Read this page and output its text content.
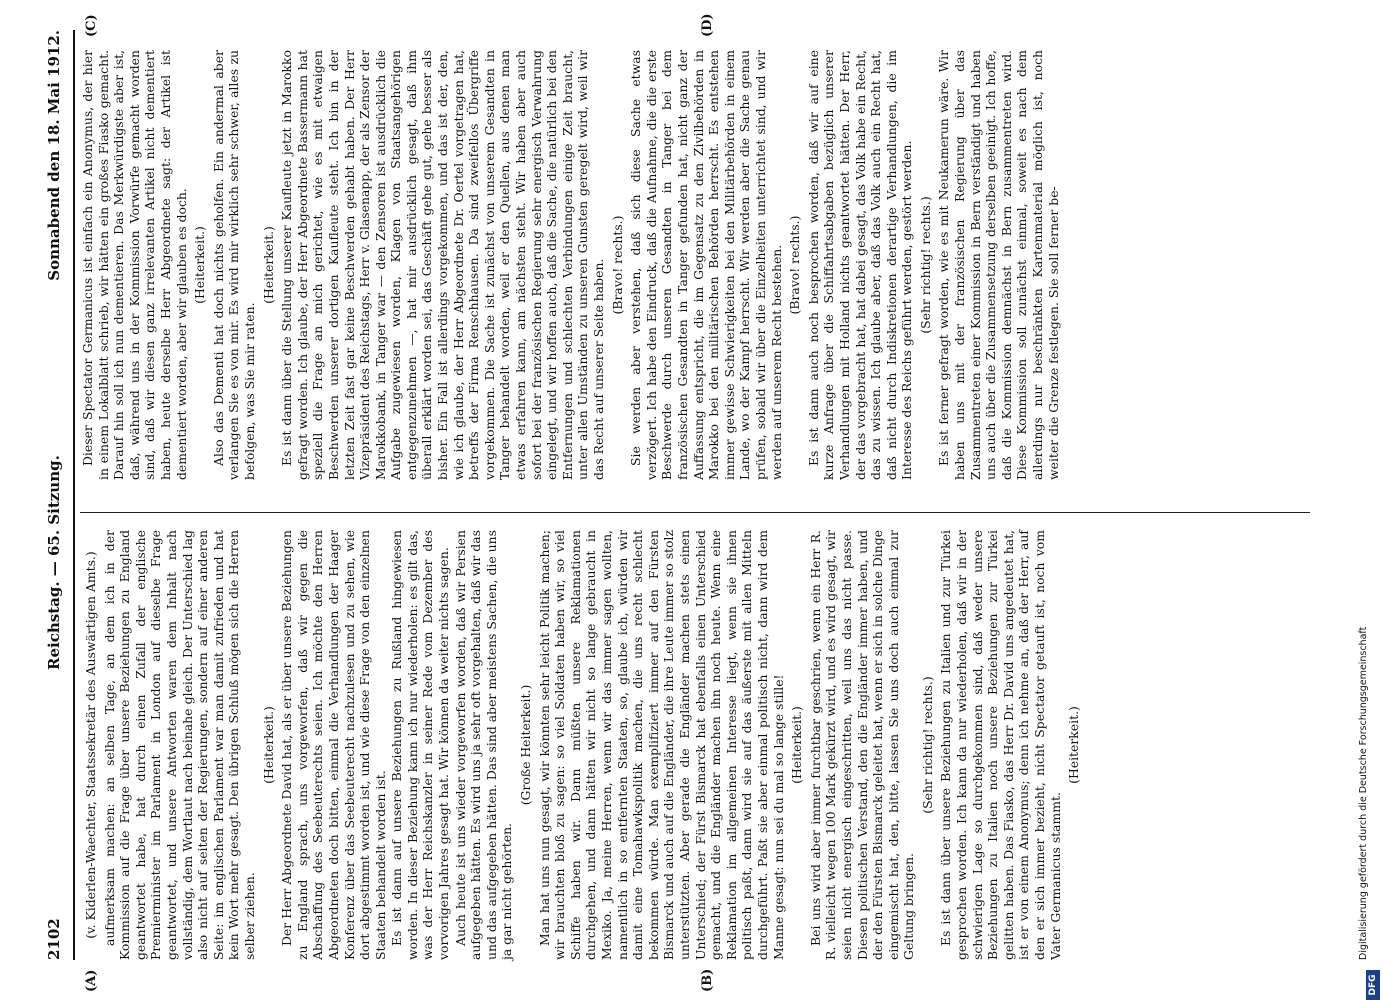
2102
Reichstag. — 65. Sitzung.
Sonnabend den 18. Mai 1912.
(A)	(B)
(C)	(D)

(v. Kiderlen-Waechter, Staatssekretär des Auswärtigen Amts.) aufmerksam machen: an selben Tage, an dem ich in der Kommission auf die Frage über unsere Beziehungen zu England geantwortet habe, hat durch einen Zufall der englische Premierminister im Parlament in London auf dieselbe Frage geantwortet, und unsere Antworten waren dem Inhalt nach vollständig, dem Wortlaut nach beinahe gleich. Der Unterschied lag also nicht auf seiten der Regierungen, sondern auf einer anderen Seite: im englischen Parlament war man damit zufrieden und hat kein Wort mehr gesagt. Den übrigen Schluß mögen sich die Herren selber ziehen.

(Heiterkeit.) Der Herr Abgeordnete David hat, als er über unsere Beziehungen zu England sprach, uns vorgeworfen, daß wir gegen die Abschaffung des Seebeuterechts seien. Ich möchte den Herren Abgeordneten doch bitten, einmal die Verhandlungen der Haager Konferenz über das Seebeuterecht nachzulesen und zu sehen, wie dort abgestimmt worden ist, und wie diese Frage von den einzelnen Staaten behandelt worden ist. Es ist dann auf unsere Beziehungen zu Rußland hingewiesen worden. In dieser Beziehung kann ich nur wiederholen: es gilt das, was der Herr Reichskanzler in seiner Rede vom Dezember des vorvorigen Jahres gesagt hat. Wir können da weiter nichts sagen. Auch heute ist uns wieder vorgeworfen worden, daß wir Persien aufgegeben hätten. Es wird uns ja sehr oft vorgehalten, daß wir das und das aufgegeben hätten. Das sind aber meistens Sachen, die uns ja gar nicht gehörten.

(Große Heiterkeit.) Man hat uns nun gesagt, wir könnten sehr leicht Politik machen; wir brauchten bloß zu sagen: so viel Soldaten haben wir, so viel Schiffe haben wir. Dann müßten unsere Reklamationen durchgehen, und dann hätten wir nicht so lange gebraucht in Mexiko. Ja, meine Herren, wenn wir das immer sagen wollten, namentlich in so entfernten Staaten, so, glaube ich, würden wir damit eine Tomahawkspolitik machen, die uns recht schlecht bekommen würde. Man exemplifiziert immer auf den Fürsten Bismarck und auch auf die Engländer, die ihre Leute immer so stolz unterstützten. Aber gerade die Engländer machen stets einen Unterschied; der Fürst Bismarck hat ebenfalls einen Unterschied gemacht, und die Engländer machen ihn noch heute. Wenn eine Reklamation im allgemeinen Interesse liegt, wenn sie ihnen politisch paßt, dann wird sie auf das äußerste mit allen Mitteln durchgeführt. Paßt sie aber einmal politisch nicht, dann wird dem Manne gesagt: nun sei du mal so lange stille! (Heiterkeit.) Bei uns wird aber immer furchtbar geschrien, wenn ein Herr R. R. vielleicht wegen 100 Mark gekürzt wird, und es wird gesagt, wir seien nicht energisch eingeschritten, weil uns das nicht passe. Diesen politischen Verstand, den die Engländer immer haben, und der den Fürsten Bismarck geleitet hat, wenn er sich in solche Dinge eingemischt hat, den, bitte, lassen Sie uns doch auch einmal zur Geltung bringen.

(Sehr richtig! rechts.) Es ist dann über unsere Beziehungen zu Italien und zur Türkei gesprochen worden. Ich kann da nur wiederholen, daß wir in der schwierigen Lage so durchgekommen sind, daß weder unsere Beziehungen zu Italien noch unsere Beziehungen zur Türkei gelitten haben. Das Fiasko, das Herr Dr. David uns angedeutet hat, ist er von einem Anonymus; denn ich nehme an, daß der Herr, auf den er sich immer bezieht, nicht Spectator getauft ist, noch vom Vater Germanicus stammt.

(Heiterkeit.)

Dieser Spectator Germanicus ist einfach ein Anonymus, der hier in einem Lokalblatt schrieb, wir hätten ein großes Fiasko gemacht. Darauf hin soll ich nun dementieren. Das Merkwürdigste aber ist, daß, während uns in der Kommission Vorwürfe gemacht worden sind, daß wir diesen ganz irrelevanten Artikel nicht dementiert haben, heute derselbe Herr Abgeordnete sagt: der Artikel ist dementiert worden, aber wir glauben es doch. (Heiterkeit.) Also das Dementi hat doch nichts geholfen. Ein andermal aber verlangen Sie es von mir. Es wird mir wirklich sehr schwer, alles zu befolgen, was Sie mir raten.

(Heiterkeit.) Es ist dann über die Stellung unserer Kaufleute jetzt in Marokko gefragt worden. Ich glaube, der Herr Abgeordnete Bassermann hat speziell die Frage an mich gerichtet, wie es mit etwaigen Beschwerden unserer dortigen Kaufleute steht. Ich bin in der letzten Zeit fast gar keine Beschwerden gehabt haben. Der Herr Vizepräsident des Reichstags, Herr v. Glasenapp, der als Zensor der Marokkobank, in Tanger war — den Zensoren ist ausdrücklich die Aufgabe zugewiesen worden, Klagen von Staatsangehörigen entgegenzunehmen —, hat mir ausdrücklich gesagt, daß ihm überall erklärt worden sei, das Geschäft gehe gut, gehe besser als bisher. Ein Fall ist allerdings vorgekommen, und das ist der, den, wie ich glaube, der Herr Abgeordnete Dr. Oertel vorgetragen hat, betreffs der Firma Renschhausen. Da sind zweifellos Übergriffe vorgekommen. Die Sache ist zunächst von unserem Gesandten in Tanger behandelt worden, weil er den Quellen, aus denen man etwas erfahren kann, am nächsten steht. Wir haben aber auch sofort bei der französischen Regierung sehr energisch Verwahrung eingelegt, und wir hoffen auch, daß die Sache, die natürlich bei den Entfernungen und schlechten Verbindungen einige Zeit braucht, unter allen Umständen zu unseren Gunsten geregelt wird, weil wir das Recht auf unserer Seite haben. (Bravo! rechts.) Sie werden aber verstehen, daß sich diese Sache etwas verzögert. Ich habe den Eindruck, daß die Aufnahme, die die erste Beschwerde durch unseren Gesandten in Tanger bei dem französischen Gesandten in Tanger gefunden hat, nicht ganz der Auffassung entspricht, die im Gegensatz zu den Zivilbehörden in Marokko bei den militärischen Behörden herrscht. Es entstehen immer gewisse Schwierigkeiten bei den Militärbehörden in einem Lande, wo der Kampf herrscht. Wir werden aber die Sache genau prüfen, sobald wir über die Einzelheiten unterrichtet sind, und wir werden auf unserem Recht bestehen. (Bravo! rechts.) Es ist dann auch noch besprochen worden, daß wir auf eine kurze Anfrage über die Schiffahrtsabgaben bezüglich unserer Verhandlungen mit Holland nichts geantwortet hätten. Der Herr, der das vorgebracht hat, hat dabei gesagt, das Volk habe ein Recht, das zu wissen. Ich glaube aber, daß das Volk auch ein Recht hat, daß nicht durch Indiskretionen derartige Verhandlungen, die im Interesse des Reichs geführt werden, gestört werden. (Sehr richtig! rechts.) Es ist ferner gefragt worden, wie es mit Neukamerun wäre. Wir haben uns mit der französischen Regierung über das Zusammentreten einer Kommission in Bern verständigt und haben uns auch über die Zusammensetzung derselben geeinigt. Ich hoffe, daß die Kommission demnächst in Bern zusammentreten wird. Diese Kommission soll zunächst einmal, soweit es nach dem allerdings nur beschränkten Kartenmaterial möglich ist, noch weiter die Grenze festlegen. Sie soll ferner be-

Digitalisierung gefördert durch die Deutsche Forschungsgemeinschaft
DFG
